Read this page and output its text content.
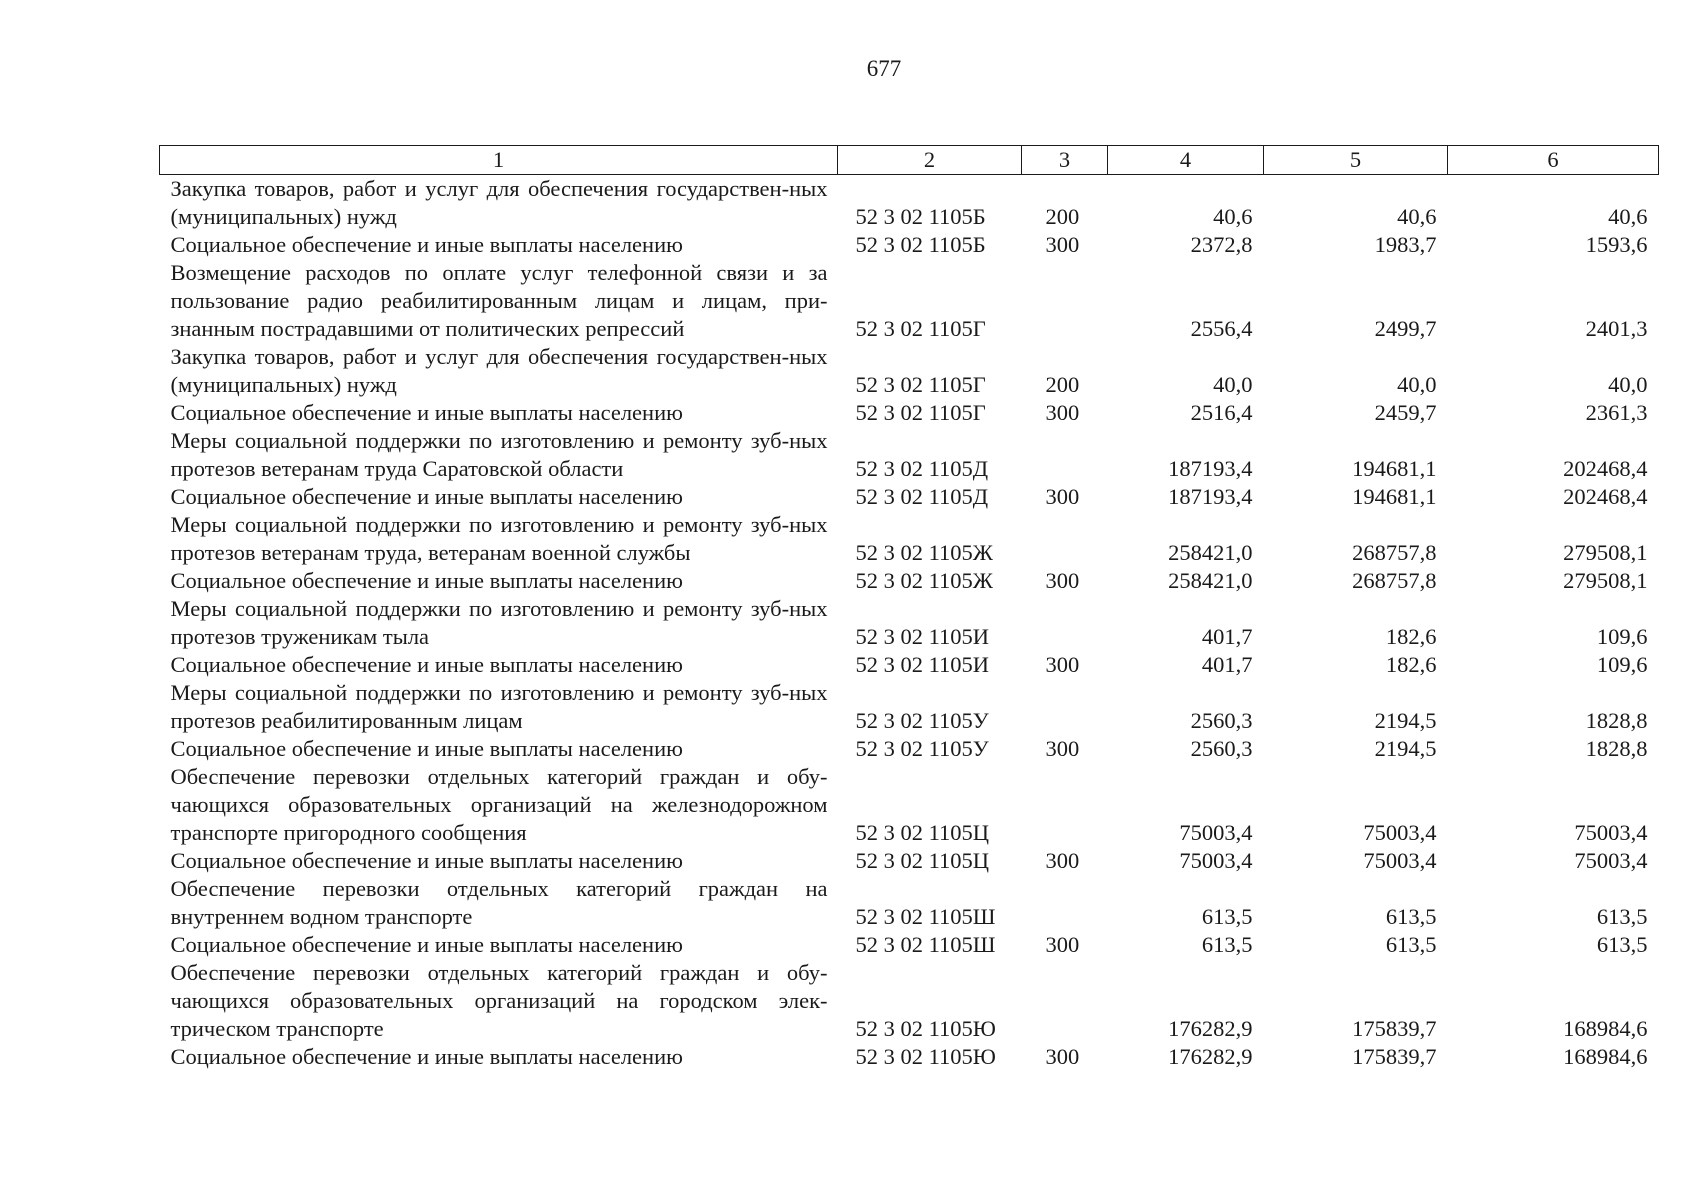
677
1	2	3	4	5	6
Закупка товаров, работ и услуг для обеспечения государствен-ных (муниципальных) нужд	52 3 02 1105Б	200	40,6	40,6	40,6
Социальное обеспечение и иные выплаты населению	52 3 02 1105Б	300	2372,8	1983,7	1593,6
Возмещение расходов по оплате услуг телефонной связи и за пользование радио реабилитированным лицам и лицам, при-знанным пострадавшими от политических репрессий	52 3 02 1105Г		2556,4	2499,7	2401,3
Закупка товаров, работ и услуг для обеспечения государствен-ных (муниципальных) нужд	52 3 02 1105Г	200	40,0	40,0	40,0
Социальное обеспечение и иные выплаты населению	52 3 02 1105Г	300	2516,4	2459,7	2361,3
Меры социальной поддержки по изготовлению и ремонту зуб-ных протезов ветеранам труда Саратовской области	52 3 02 1105Д		187193,4	194681,1	202468,4
Социальное обеспечение и иные выплаты населению	52 3 02 1105Д	300	187193,4	194681,1	202468,4
Меры социальной поддержки по изготовлению и ремонту зуб-ных протезов ветеранам труда, ветеранам военной службы	52 3 02 1105Ж		258421,0	268757,8	279508,1
Социальное обеспечение и иные выплаты населению	52 3 02 1105Ж	300	258421,0	268757,8	279508,1
Меры социальной поддержки по изготовлению и ремонту зуб-ных протезов труженикам тыла	52 3 02 1105И		401,7	182,6	109,6
Социальное обеспечение и иные выплаты населению	52 3 02 1105И	300	401,7	182,6	109,6
Меры социальной поддержки по изготовлению и ремонту зуб-ных протезов реабилитированным лицам	52 3 02 1105У		2560,3	2194,5	1828,8
Социальное обеспечение и иные выплаты населению	52 3 02 1105У	300	2560,3	2194,5	1828,8
Обеспечение перевозки отдельных категорий граждан и обу-чающихся образовательных организаций на железнодорожном транспорте пригородного сообщения	52 3 02 1105Ц		75003,4	75003,4	75003,4
Социальное обеспечение и иные выплаты населению	52 3 02 1105Ц	300	75003,4	75003,4	75003,4
Обеспечение перевозки отдельных категорий граждан на внутреннем водном транспорте	52 3 02 1105Ш		613,5	613,5	613,5
Социальное обеспечение и иные выплаты населению	52 3 02 1105Ш	300	613,5	613,5	613,5
Обеспечение перевозки отдельных категорий граждан и обу-чающихся образовательных организаций на городском элек-трическом транспорте	52 3 02 1105Ю		176282,9	175839,7	168984,6
Социальное обеспечение и иные выплаты населению	52 3 02 1105Ю	300	176282,9	175839,7	168984,6
